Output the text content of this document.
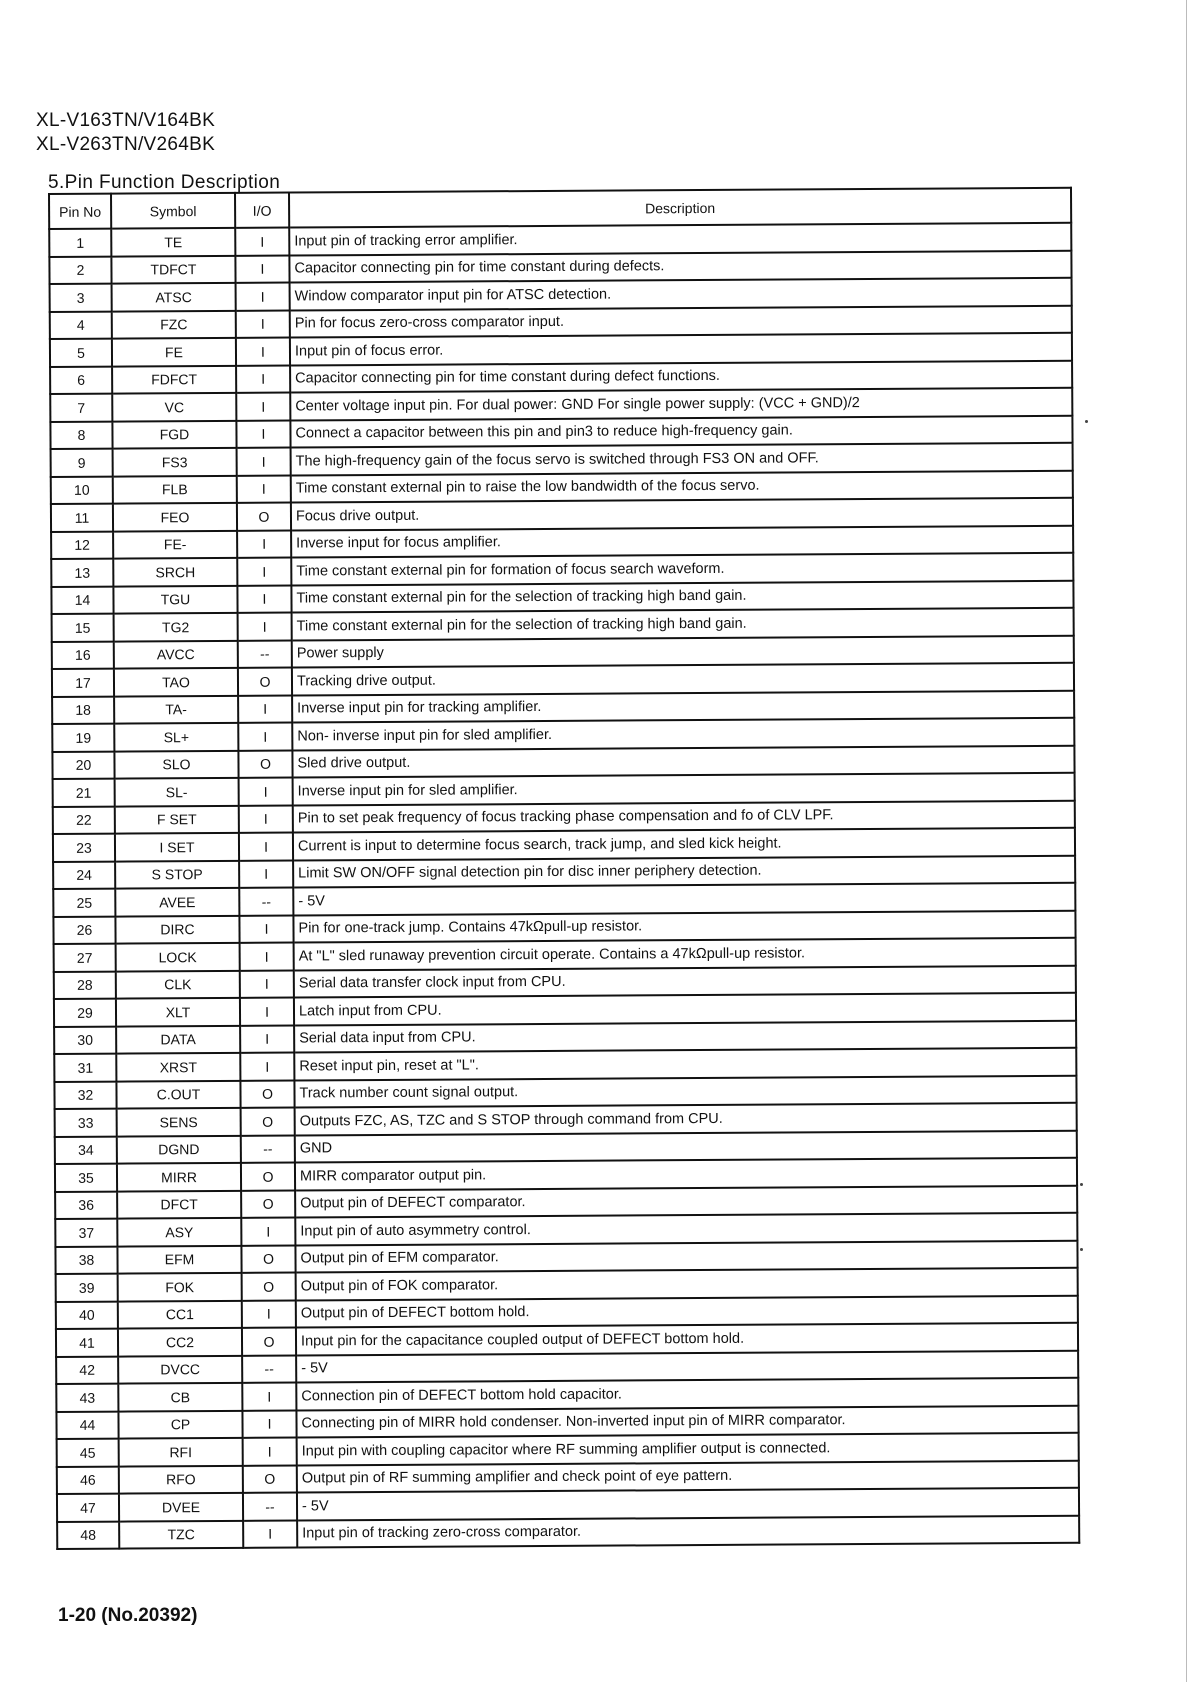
XL-V163TN/V164BK
XL-V263TN/V264BK
5.Pin Function Description
Pin No	Symbol	I/O	Description
1	TE	I	Input pin of tracking error amplifier.
2	TDFCT	I	Capacitor connecting pin for time constant during defects.
3	ATSC	I	Window comparator input pin for ATSC detection.
4	FZC	I	Pin for focus zero-cross comparator input.
5	FE	I	Input pin of focus error.
6	FDFCT	I	Capacitor connecting pin for time constant during defect functions.
7	VC	I	Center voltage input pin. For dual power: GND For single power supply: (VCC + GND)/2
8	FGD	I	Connect a capacitor between this pin and pin3 to reduce high-frequency gain.
9	FS3	I	The high-frequency gain of the focus servo is switched through FS3 ON and OFF.
10	FLB	I	Time constant external pin to raise the low bandwidth of the focus servo.
11	FEO	O	Focus drive output.
12	FE-	I	Inverse input for focus amplifier.
13	SRCH	I	Time constant external pin for formation of focus search waveform.
14	TGU	I	Time constant external pin for the selection of tracking high band gain.
15	TG2	I	Time constant external pin for the selection of tracking high band gain.
16	AVCC	--	Power supply
17	TAO	O	Tracking drive output.
18	TA-	I	Inverse input pin for tracking amplifier.
19	SL+	I	Non- inverse input pin for sled amplifier.
20	SLO	O	Sled drive output.
21	SL-	I	Inverse input pin for sled amplifier.
22	F SET	I	Pin to set peak frequency of focus tracking phase compensation and fo of CLV LPF.
23	I SET	I	Current is input to determine focus search, track jump, and sled kick height.
24	S STOP	I	Limit SW ON/OFF signal detection pin for disc inner periphery detection.
25	AVEE	--	- 5V
26	DIRC	I	Pin for one-track jump. Contains 47kΩpull-up resistor.
27	LOCK	I	At "L" sled runaway prevention circuit operate. Contains a 47kΩpull-up resistor.
28	CLK	I	Serial data transfer clock input from CPU.
29	XLT	I	Latch input from CPU.
30	DATA	I	Serial data input from CPU.
31	XRST	I	Reset input pin, reset at "L".
32	C.OUT	O	Track number count signal output.
33	SENS	O	Outputs FZC, AS, TZC and S STOP through command from CPU.
34	DGND	--	GND
35	MIRR	O	MIRR comparator output pin.
36	DFCT	O	Output pin of DEFECT comparator.
37	ASY	I	Input pin of auto asymmetry control.
38	EFM	O	Output pin of EFM comparator.
39	FOK	O	Output pin of FOK comparator.
40	CC1	I	Output pin of DEFECT bottom hold.
41	CC2	O	Input pin for the capacitance coupled output of DEFECT bottom hold.
42	DVCC	--	- 5V
43	CB	I	Connection pin of DEFECT bottom hold capacitor.
44	CP	I	Connecting pin of MIRR hold condenser. Non-inverted input pin of MIRR comparator.
45	RFI	I	Input pin with coupling capacitor where RF summing amplifier output is connected.
46	RFO	O	Output pin of RF summing amplifier and check point of eye pattern.
47	DVEE	--	- 5V
48	TZC	I	Input pin of tracking zero-cross comparator.
1-20 (No.20392)
